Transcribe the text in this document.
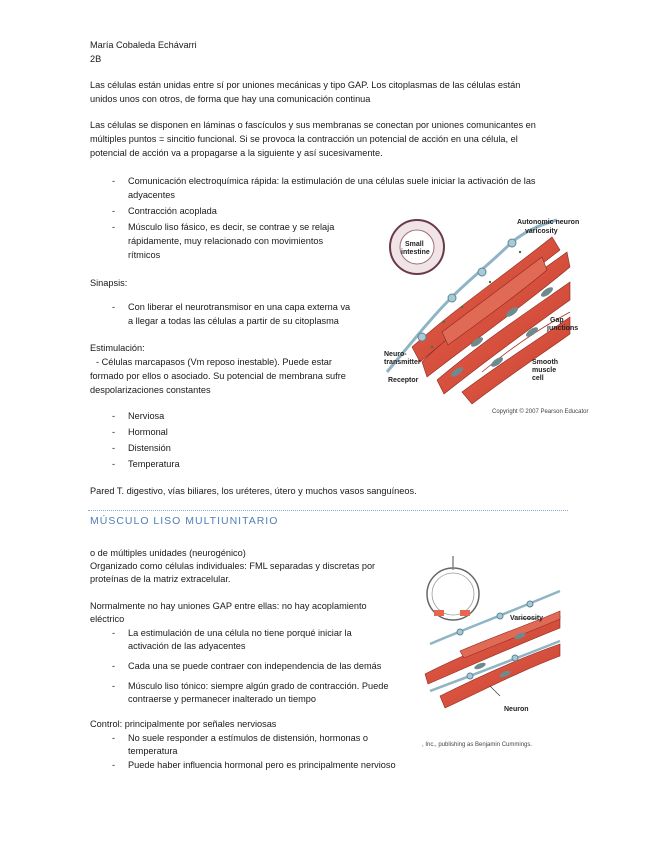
María Cobaleda Echávarri
2B
Las células están unidas entre sí por uniones mecánicas y tipo GAP. Los citoplasmas de las células están
unidos unos con otros, de forma que hay una comunicación continua
Las células se disponen en láminas o fascículos y sus membranas se conectan por uniones comunicantes en
múltiples puntos = sincitio funcional. Si se provoca la contracción un potencial de acción en una célula, el
potencial de acción va a propagarse a la siguiente y así sucesivamente.
- Comunicación electroquímica rápida: la estimulación de una células suele iniciar la activación de las
adyacentes
- Contracción acoplada
- Músculo liso fásico, es decir, se contrae y se relaja
rápidamente, muy relacionado con movimientos
rítmicos
Sinapsis:
- Con liberar el neurotransmisor en una capa externa va
a llegar a todas las células a partir de su citoplasma
Estimulación:
- Células marcapasos (Vm reposo inestable). Puede estar
formado por ellos o asociado. Su potencial de membrana sufre
despolarizaciones constantes
- Nerviosa
- Hormonal
- Distensión
- Temperatura
Pared T. digestivo, vías biliares, los uréteres, útero y muchos vasos sanguíneos.
MÚSCULO LISO MULTIUNITARIO
o de múltiples unidades (neurogénico)
Organizado como células individuales: FML separadas y discretas por
proteínas de la matriz extracelular.
Normalmente no hay uniones GAP entre ellas: no hay acoplamiento
eléctrico
- La estimulación de una célula no tiene porqué iniciar la
activación de las adyacentes
- Cada una se puede contraer con independencia de las demás
- Músculo liso tónico: siempre algún grado de contracción. Puede
contraerse y permanecer inalterado un tiempo
Control: principalmente por señales nerviosas
- No suele responder a estímulos de distensión, hormonas o
temperatura
- Puede haber influencia hormonal pero es principalmente nervioso
Small
intestine
Autonomic neuron
varicosity
Gap
junctions
Neuro-
transmitter
Receptor
Smooth
muscle
cell
Copyright © 2007 Pearson Educator
Varicosity
Neuron
, Inc., publishing as Benjamin Cummings.
